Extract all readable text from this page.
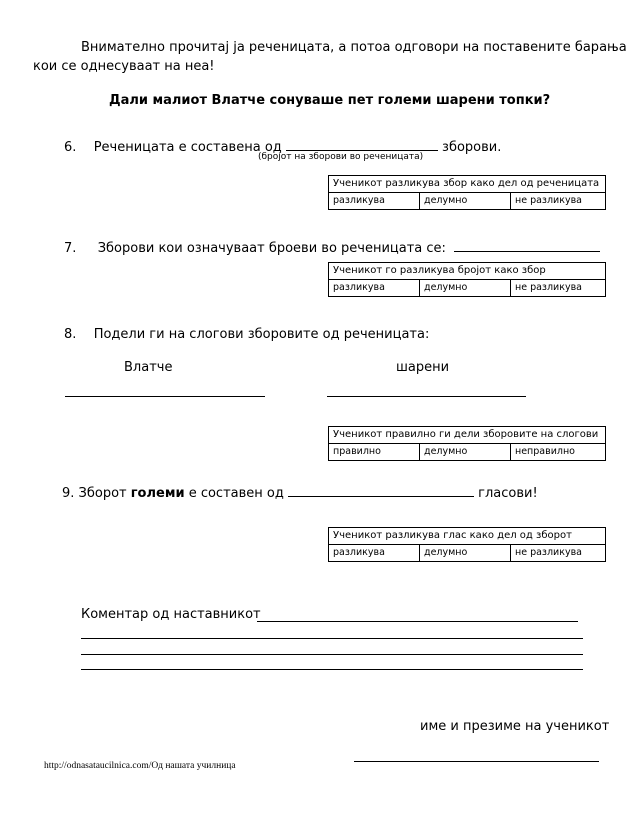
Внимателно прочитај ја реченицата, а потоа одговори на поставените барања
кои се однесуваат на неа!
Дали малиот Влатче сонуваше пет големи шарени топки?
6. Реченицата е составена од	зборови.
(бројот на зборови во реченицата)
Ученикот разликува збор како дел од реченицата
разликува	делумно	не разликува
7. Зборови кои означуваат броеви во реченицата се:
Ученикот го разликува бројот како збор
разликува	делумно	не разликува
8. Подели ги на слогови зборовите од реченицата:
Влатче	шарени
Ученикот правилно ги дели зборовите на слогови
правилно	делумно	неправилно
9. Зборот големи е составен од	гласови!
Ученикот разликува глас како дел од зборот
разликува	делумно	не разликува
Коментар од наставникот
име и презиме на ученикот
http://odnasataucilnica.com/Од нашата училница
